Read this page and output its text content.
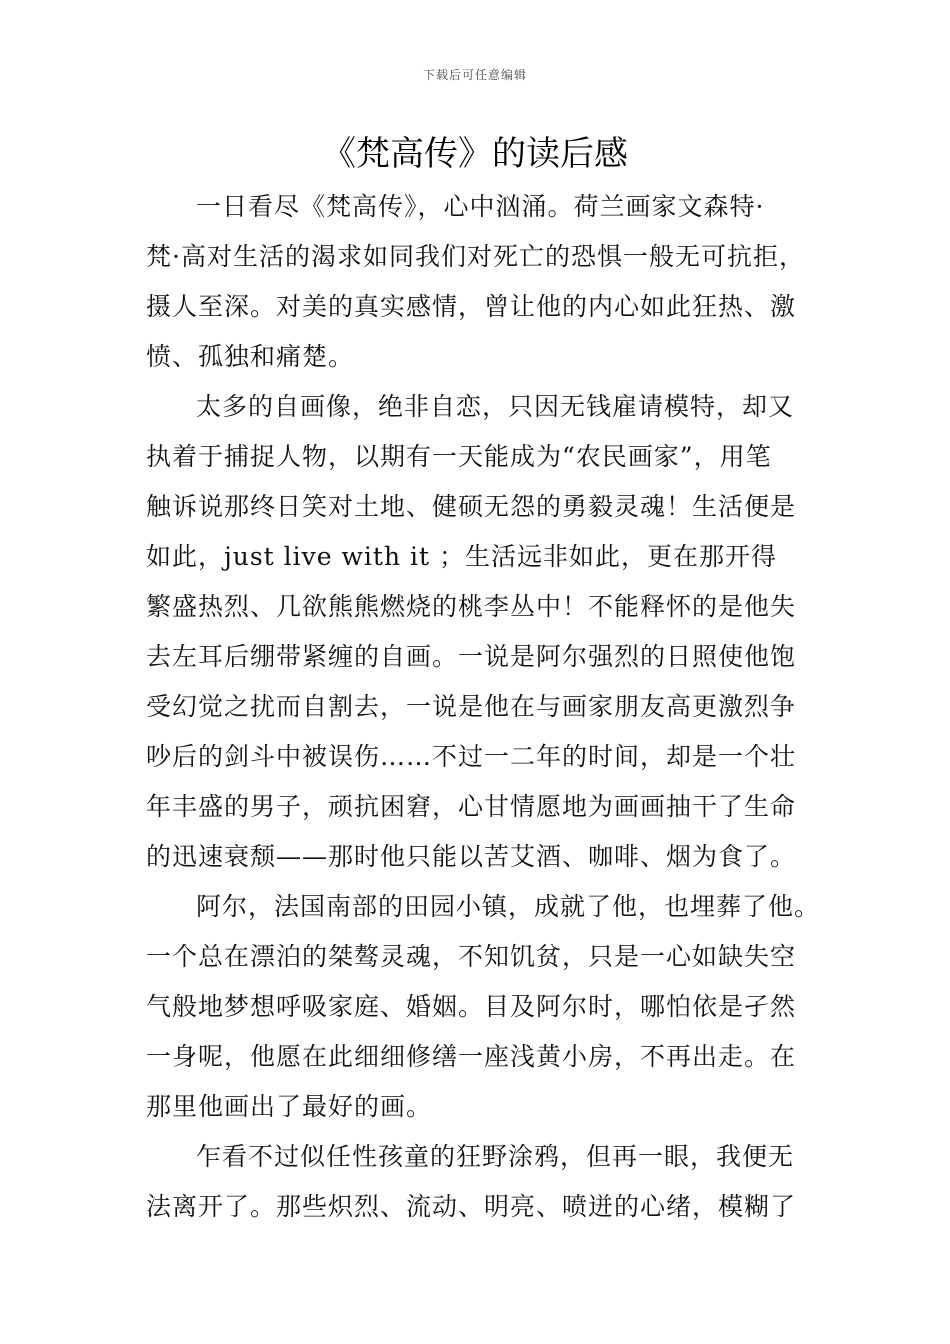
下载后可任意编辑
《梵高传》的读后感

一日看尽《梵高传》，心中汹涌。荷兰画家文森特·
梵·高对生活的渴求如同我们对死亡的恐惧一般无可抗拒，
摄人至深。对美的真实感情，曾让他的内心如此狂热、激
愤、孤独和痛楚。

太多的自画像，绝非自恋，只因无钱雇请模特，却又
执着于捕捉人物，以期有一天能成为“农民画家”，用笔
触诉说那终日笑对土地、健硕无怨的勇毅灵魂！生活便是
如此，just live with it ；生活远非如此，更在那开得
繁盛热烈、几欲熊熊燃烧的桃李丛中！不能释怀的是他失
去左耳后绷带紧缠的自画。一说是阿尔强烈的日照使他饱
受幻觉之扰而自割去，一说是他在与画家朋友高更激烈争
吵后的剑斗中被误伤……不过一二年的时间，却是一个壮
年丰盛的男子，顽抗困窘，心甘情愿地为画画抽干了生命
的迅速衰颓——那时他只能以苦艾酒、咖啡、烟为食了。

阿尔，法国南部的田园小镇，成就了他，也埋葬了他。
一个总在漂泊的桀骜灵魂，不知饥贫，只是一心如缺失空
气般地梦想呼吸家庭、婚姻。目及阿尔时，哪怕依是孑然
一身呢，他愿在此细细修缮一座浅黄小房，不再出走。在
那里他画出了最好的画。

乍看不过似任性孩童的狂野涂鸦，但再一眼，我便无
法离开了。那些炽烈、流动、明亮、喷迸的心绪，模糊了
